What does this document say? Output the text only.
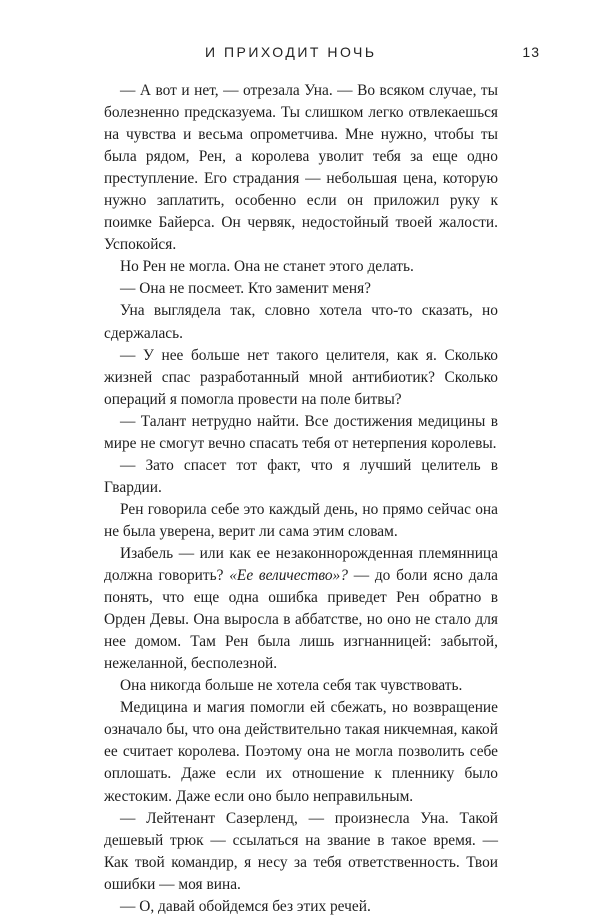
И ПРИХОДИТ НОЧЬ	13

— А вот и нет, — отрезала Уна. — Во всяком случае, ты болезненно предсказуема. Ты слишком легко отвлекаешься на чувства и весьма опрометчива. Мне нужно, чтобы ты была рядом, Рен, а королева уволит тебя за еще одно преступление. Его страдания — небольшая цена, которую нужно заплатить, особенно если он приложил руку к поимке Байерса. Он червяк, недостойный твоей жалости. Успокойся.

Но Рен не могла. Она не станет этого делать.

— Она не посмеет. Кто заменит меня?

Уна выглядела так, словно хотела что-то сказать, но сдержалась.

— У нее больше нет такого целителя, как я. Сколько жизней спас разработанный мной антибиотик? Сколько операций я помогла провести на поле битвы?

— Талант нетрудно найти. Все достижения медицины в мире не смогут вечно спасать тебя от нетерпения королевы.

— Зато спасет тот факт, что я лучший целитель в Гвардии.

Рен говорила себе это каждый день, но прямо сейчас она не была уверена, верит ли сама этим словам.

Изабель — или как ее незаконнорожденная племянница должна говорить? «Ее величество»? — до боли ясно дала понять, что еще одна ошибка приведет Рен обратно в Орден Девы. Она выросла в аббатстве, но оно не стало для нее домом. Там Рен была лишь изгнанницей: забытой, нежеланной, бесполезной.

Она никогда больше не хотела себя так чувствовать.

Медицина и магия помогли ей сбежать, но возвращение означало бы, что она действительно такая никчемная, какой ее считает королева. Поэтому она не могла позволить себе оплошать. Даже если их отношение к пленнику было жестоким. Даже если оно было неправильным.

— Лейтенант Сазерленд, — произнесла Уна. Такой дешевый трюк — ссылаться на звание в такое время. — Как твой командир, я несу за тебя ответственность. Твои ошибки — моя вина.

— О, давай обойдемся без этих речей.
